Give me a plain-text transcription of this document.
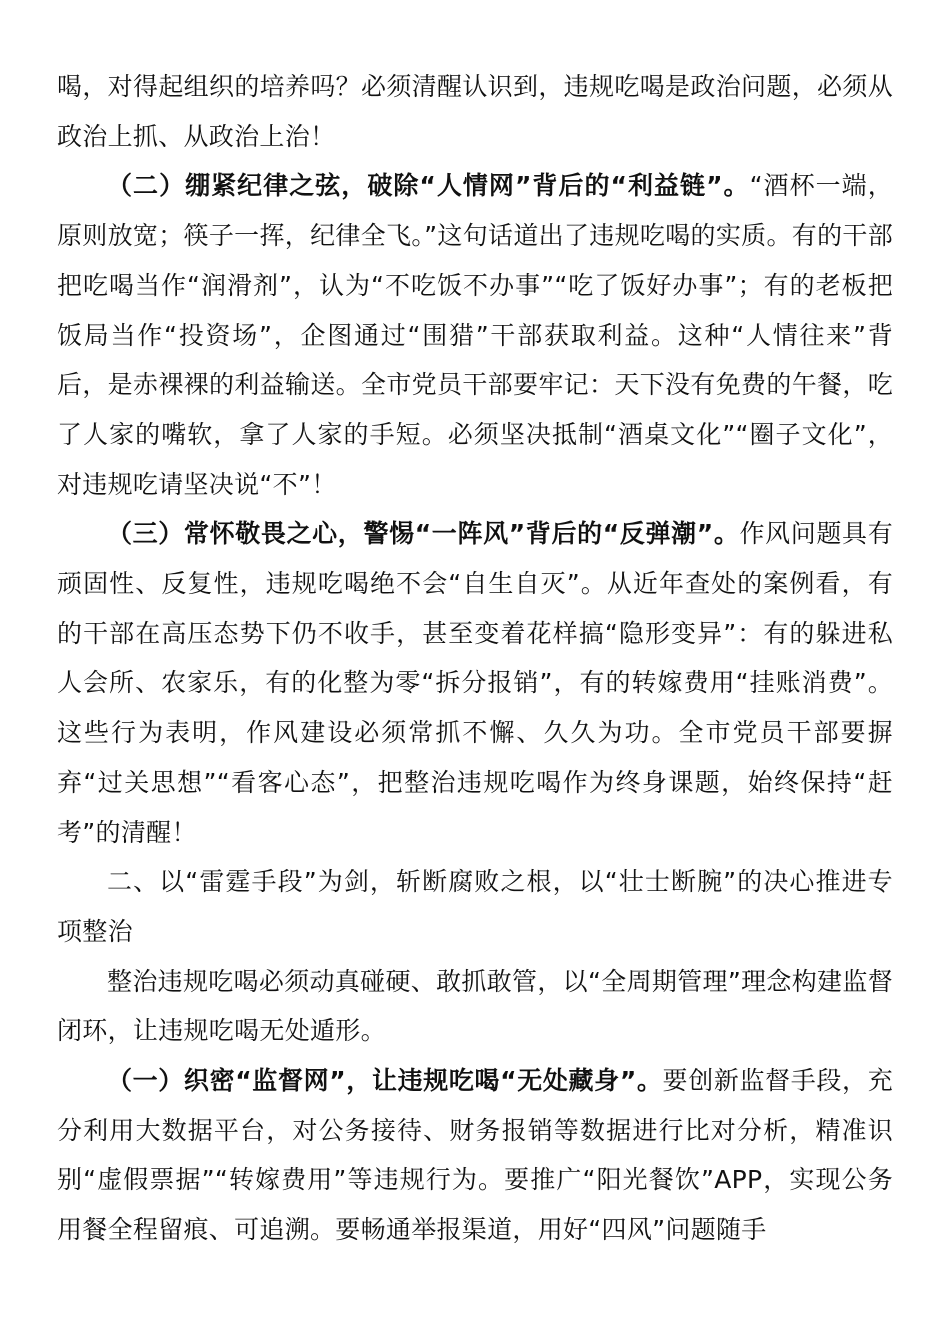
喝，对得起组织的培养吗？必须清醒认识到，违规吃喝是政治问题，必须从政治上抓、从政治上治！

（二）绷紧纪律之弦，破除“人情网”背后的“利益链”。“酒杯一端，原则放宽；筷子一挥，纪律全飞。”这句话道出了违规吃喝的实质。有的干部把吃喝当作“润滑剂”，认为“不吃饭不办事”“吃了饭好办事”；有的老板把饭局当作“投资场”，企图通过“围猎”干部获取利益。这种“人情往来”背后，是赤裸裸的利益输送。全市党员干部要牢记：天下没有免费的午餐，吃了人家的嘴软，拿了人家的手短。必须坚决抵制“酒桌文化”“圈子文化”，对违规吃请坚决说“不”！

（三）常怀敬畏之心，警惕“一阵风”背后的“反弹潮”。作风问题具有顽固性、反复性，违规吃喝绝不会“自生自灭”。从近年查处的案例看，有的干部在高压态势下仍不收手，甚至变着花样搞“隐形变异”：有的躲进私人会所、农家乐，有的化整为零“拆分报销”，有的转嫁费用“挂账消费”。这些行为表明，作风建设必须常抓不懈、久久为功。全市党员干部要摒弃“过关思想”“看客心态”，把整治违规吃喝作为终身课题，始终保持“赶考”的清醒！

二、以“雷霆手段”为剑，斩断腐败之根，以“壮士断腕”的决心推进专项整治

整治违规吃喝必须动真碰硬、敢抓敢管，以“全周期管理”理念构建监督闭环，让违规吃喝无处遁形。

（一）织密“监督网”，让违规吃喝“无处藏身”。要创新监督手段，充分利用大数据平台，对公务接待、财务报销等数据进行比对分析，精准识别“虚假票据”“转嫁费用”等违规行为。要推广“阳光餐饮”APP，实现公务用餐全程留痕、可追溯。要畅通举报渠道，用好“四风”问题随手
